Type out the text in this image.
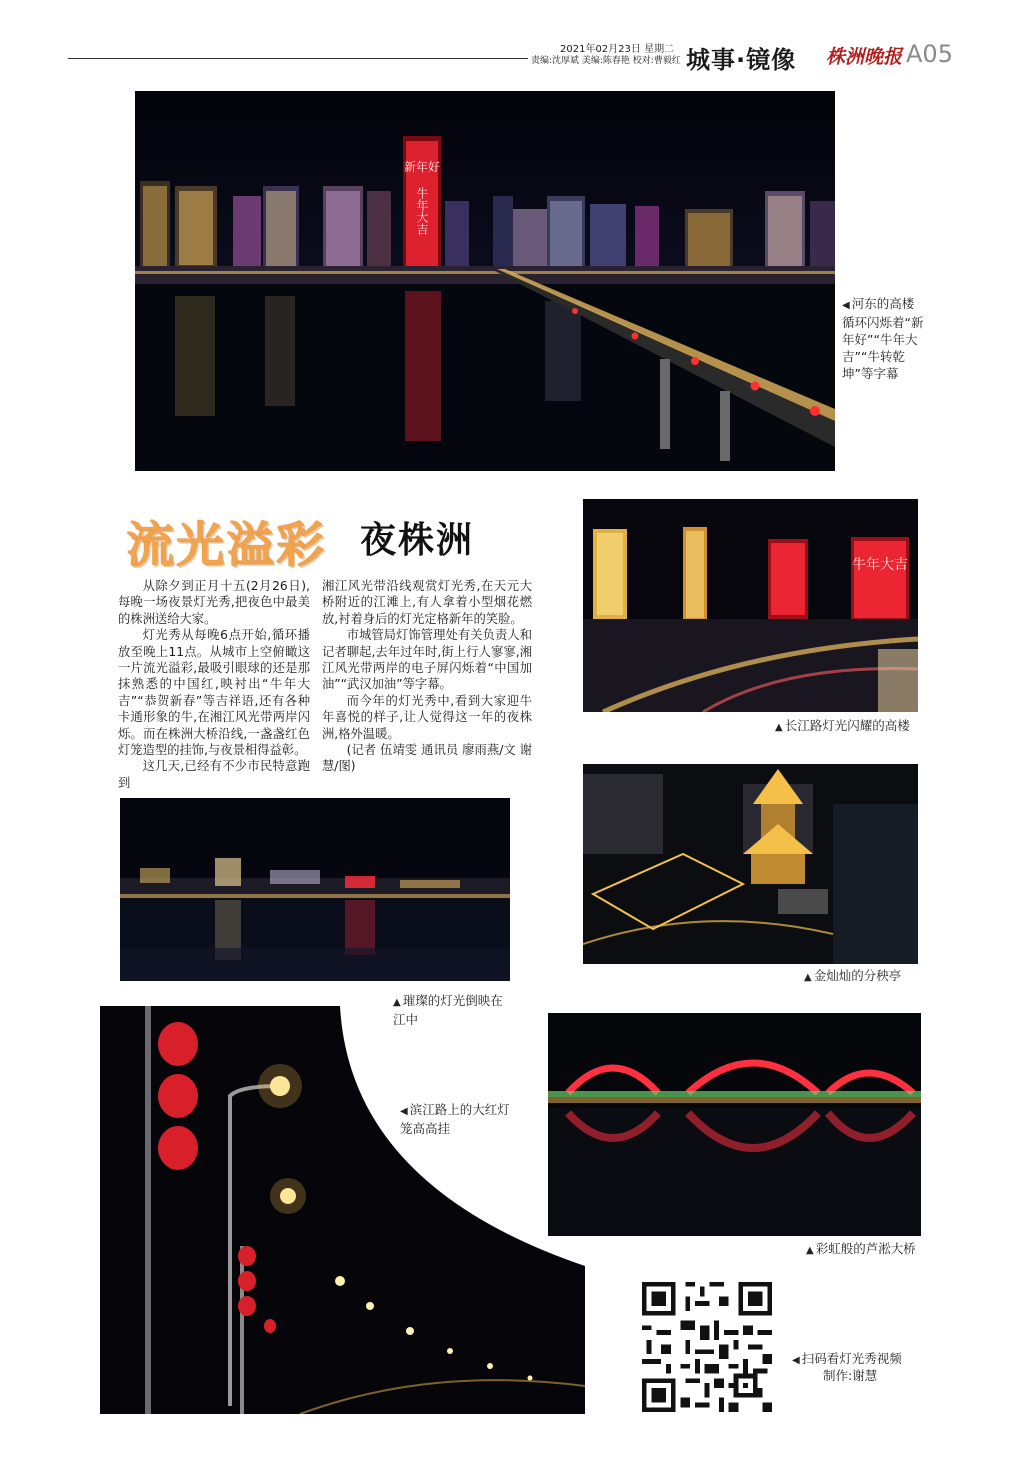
2021年02月23日 星期二
责编:沈厚斌 美编:陈春艳 校对:曹毅红 城事·镜像 株洲晚报 A05
新年好
牛年大吉
◀ 河东的高楼循环闪烁着“新年好”“牛年大吉”“牛转乾坤”等字幕
流光溢彩 夜株洲

从除夕到正月十五(2月26日),每晚一场夜景灯光秀,把夜色中最美的株洲送给大家。

灯光秀从每晚6点开始,循环播放至晚上11点。从城市上空俯瞰这一片流光溢彩,最吸引眼球的还是那抹熟悉的中国红,映衬出“牛年大吉”“恭贺新春”等吉祥语,还有各种卡通形象的牛,在湘江风光带两岸闪烁。而在株洲大桥沿线,一盏盏红色灯笼造型的挂饰,与夜景相得益彰。

这几天,已经有不少市民特意跑到

湘江风光带沿线观赏灯光秀,在天元大桥附近的江滩上,有人拿着小型烟花燃放,衬着身后的灯光定格新年的笑脸。

市城管局灯饰管理处有关负责人和记者聊起,去年过年时,街上行人寥寥,湘江风光带两岸的电子屏闪烁着“中国加油”“武汉加油”等字幕。

而今年的灯光秀中,看到大家迎牛年喜悦的样子,让人觉得这一年的夜株洲,格外温暖。

(记者 伍靖雯 通讯员 廖雨燕/文 谢慧/图)

牛年大吉
▲ 长江路灯光闪耀的高楼
▲ 璀璨的灯光倒映在江中
▲ 金灿灿的分秧亭
◀ 滨江路上的大红灯笼高高挂
▲ 彩虹般的芦淞大桥
◀ 扫码看灯光秀视频
制作:谢慧
